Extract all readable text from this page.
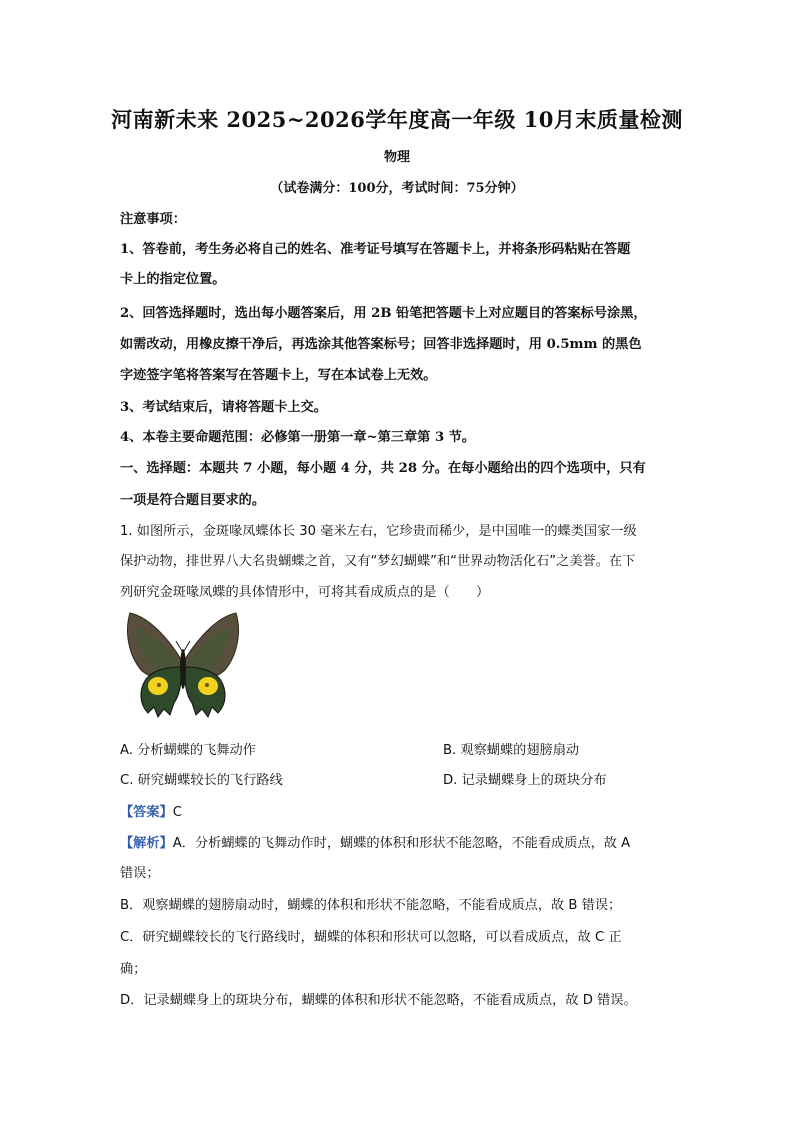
河南新未来 2025~2026学年度高一年级 10月末质量检测
物理
（试卷满分：100分，考试时间：75分钟）
注意事项：
1、答卷前，考生务必将自己的姓名、准考证号填写在答题卡上，并将条形码粘贴在答题
卡上的指定位置。
2、回答选择题时，选出每小题答案后，用 2B 铅笔把答题卡上对应题目的答案标号涂黑，
如需改动，用橡皮擦干净后，再选涂其他答案标号；回答非选择题时，用 0.5mm 的黑色
字迹签字笔将答案写在答题卡上，写在本试卷上无效。
3、考试结束后，请将答题卡上交。
4、本卷主要命题范围：必修第一册第一章~第三章第 3 节。
一、选择题：本题共 7 小题，每小题 4 分，共 28 分。在每小题给出的四个选项中，只有
一项是符合题目要求的。
1. 如图所示，金斑喙凤蝶体长 30 毫米左右，它珍贵而稀少，是中国唯一的蝶类国家一级
保护动物，排世界八大名贵蝴蝶之首，又有“梦幻蝴蝶”和“世界动物活化石”之美誉。在下
列研究金斑喙凤蝶的具体情形中，可将其看成质点的是（　　）
A. 分析蝴蝶的飞舞动作	B. 观察蝴蝶的翅膀扇动
C. 研究蝴蝶较长的飞行路线	D. 记录蝴蝶身上的斑块分布
【答案】C
【解析】A．分析蝴蝶的飞舞动作时，蝴蝶的体积和形状不能忽略，不能看成质点，故 A
错误；
B．观察蝴蝶的翅膀扇动时，蝴蝶的体积和形状不能忽略，不能看成质点，故 B 错误；
C．研究蝴蝶较长的飞行路线时，蝴蝶的体积和形状可以忽略，可以看成质点，故 C 正
确；
D．记录蝴蝶身上的斑块分布，蝴蝶的体积和形状不能忽略，不能看成质点，故 D 错误。
